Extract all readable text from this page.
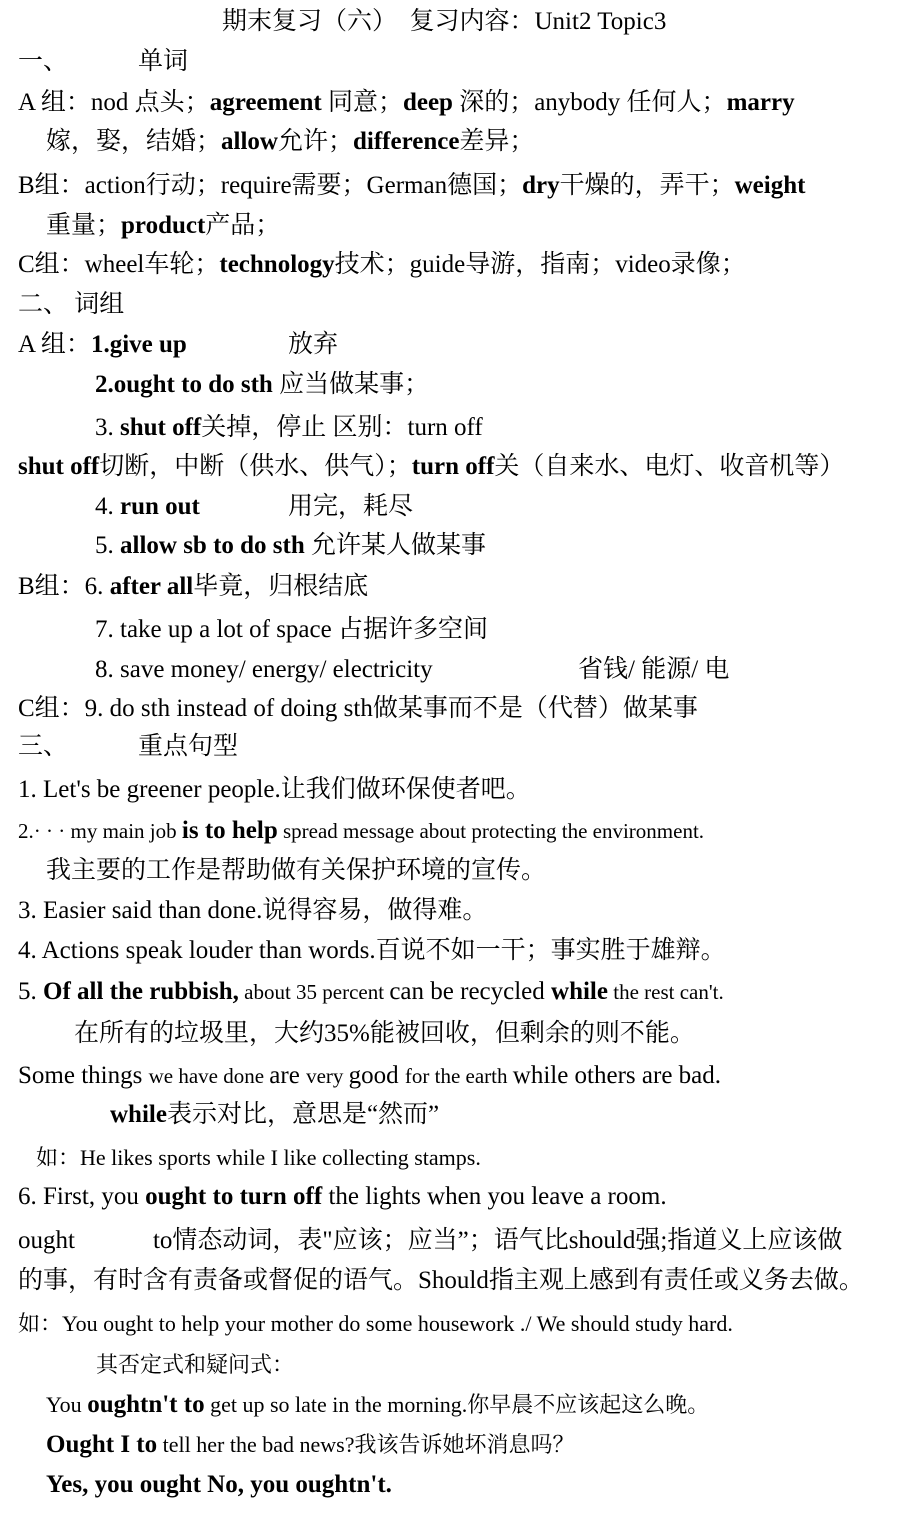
期末复习（六）　复习内容：Unit2 Topic3
一、	单词
A 组：nod 点头；agreement 同意；deep 深的；anybody 任何人；marry
嫁，娶，结婚；allow允许；difference差异；
B组：action行动；require需要；German德国；dry干燥的，弄干；weight
重量；product产品；
C组：wheel车轮；technology技术；guide导游，指南；video录像；
二、 词组
A 组：1.give up	放弃
2.ought to do sth 应当做某事；
3. shut off关掉，停止 区别：turn off
shut off切断，中断（供水、供气）；turn off关（自来水、电灯、收音机等）
4. run out	用完，耗尽
5. allow sb to do sth 允许某人做某事
B组：6. after all毕竟，归根结底
7. take up a lot of space 占据许多空间
8. save money/ energy/ electricity	省钱/ 能源/ 电
C组：9. do sth instead of doing sth做某事而不是（代替）做某事
三、	重点句型
1. Let's be greener people.让我们做环保使者吧。
2.· · · my main job is to help spread message about protecting the environment.
我主要的工作是帮助做有关保护环境的宣传。
3. Easier said than done.说得容易，做得难。
4. Actions speak louder than words.百说不如一干；事实胜于雄辩。
5. Of all the rubbish, about 35 percent can be recycled while the rest can't.
在所有的垃圾里，大约35%能被回收，但剩余的则不能。
Some things we have done are very good for the earth while others are bad.
while表示对比，意思是“然而”
如：He likes sports while I like collecting stamps.
6. First, you ought to turn off the lights when you leave a room.
ought	to情态动词，表"应该；应当”；语气比should强;指道义上应该做
的事，有时含有责备或督促的语气。Should指主观上感到有责任或义务去做。
如：You ought to help your mother do some housework ./ We should study hard.
其否定式和疑问式：
You oughtn't to get up so late in the morning.你早晨不应该起这么晚。
Ought I to tell her the bad news?我该告诉她坏消息吗？
Yes, you ought No, you oughtn't.
